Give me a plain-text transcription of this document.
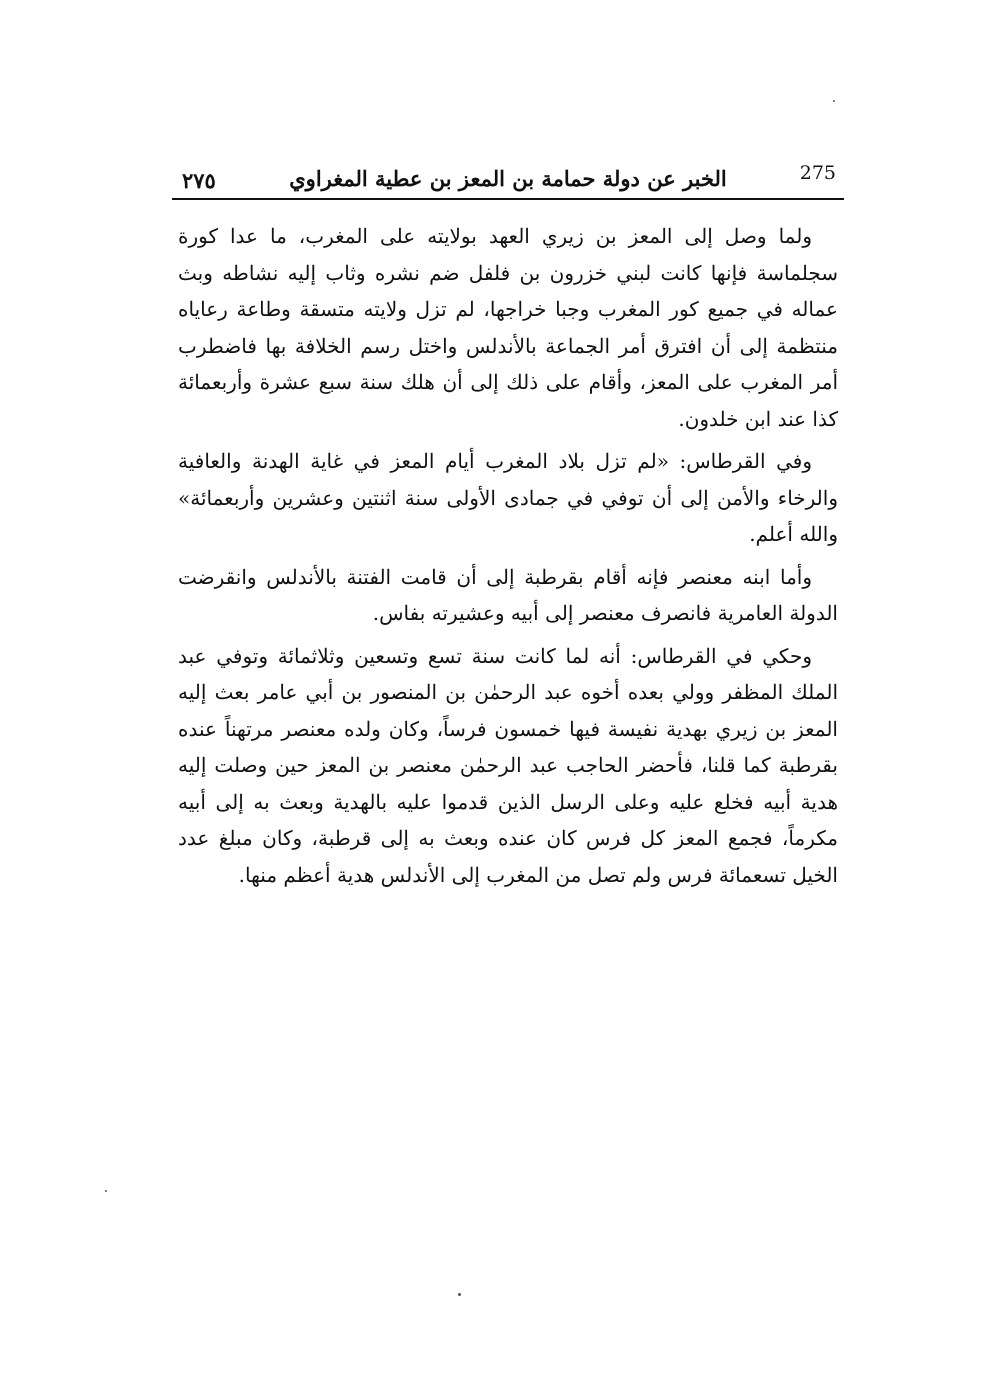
٢٧٥	الخبر عن دولة حمامة بن المعز بن عطية المغراوي	275

ولما وصل إلى المعز بن زيري العهد بولايته على المغرب، ما عدا كورة سجلماسة فإنها كانت لبني خزرون بن فلفل ضم نشره وثاب إليه نشاطه وبث عماله في جميع كور المغرب وجبا خراجها، لم تزل ولايته متسقة وطاعة رعاياه منتظمة إلى أن افترق أمر الجماعة بالأندلس واختل رسم الخلافة بها فاضطرب أمر المغرب على المعز، وأقام على ذلك إلى أن هلك سنة سبع عشرة وأربعمائة كذا عند ابن خلدون.

وفي القرطاس: «لم تزل بلاد المغرب أيام المعز في غاية الهدنة والعافية والرخاء والأمن إلى أن توفي في جمادى الأولى سنة اثنتين وعشرين وأربعمائة» والله أعلم.

وأما ابنه معنصر فإنه أقام بقرطبة إلى أن قامت الفتنة بالأندلس وانقرضت الدولة العامرية فانصرف معنصر إلى أبيه وعشيرته بفاس.

وحكي في القرطاس: أنه لما كانت سنة تسع وتسعين وثلاثمائة وتوفي عبد الملك المظفر وولي بعده أخوه عبد الرحمٰن بن المنصور بن أبي عامر بعث إليه المعز بن زيري بهدية نفيسة فيها خمسون فرساً، وكان ولده معنصر مرتهناً عنده بقرطبة كما قلنا، فأحضر الحاجب عبد الرحمٰن معنصر بن المعز حين وصلت إليه هدية أبيه فخلع عليه وعلى الرسل الذين قدموا عليه بالهدية وبعث به إلى أبيه مكرماً، فجمع المعز كل فرس كان عنده وبعث به إلى قرطبة، وكان مبلغ عدد الخيل تسعمائة فرس ولم تصل من المغرب إلى الأندلس هدية أعظم منها.
